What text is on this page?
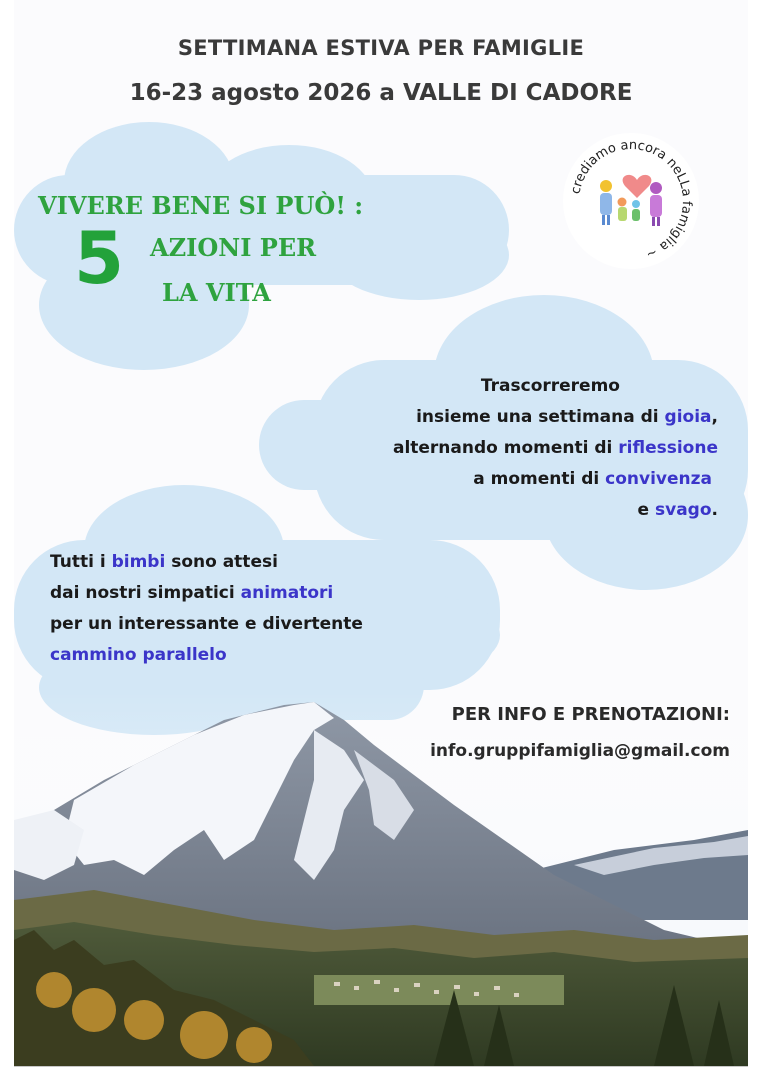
SETTIMANA ESTIVA PER FAMIGLIE
16-23 agosto 2026 a VALLE DI CADORE

VIVERE BENE SI PUÒ! :

5 AZIONI PER

LA VITA

crediamo ancora neLLa famiglia ~

Trascorreremo

insieme una settimana di gioia,

alternando momenti di riflessione

a momenti di convivenza

e svago.

Tutti i bimbi sono attesi

dai nostri simpatici animatori

per un interessante e divertente

cammino parallelo

PER INFO E PRENOTAZIONI:

info.gruppifamiglia@gmail.com
